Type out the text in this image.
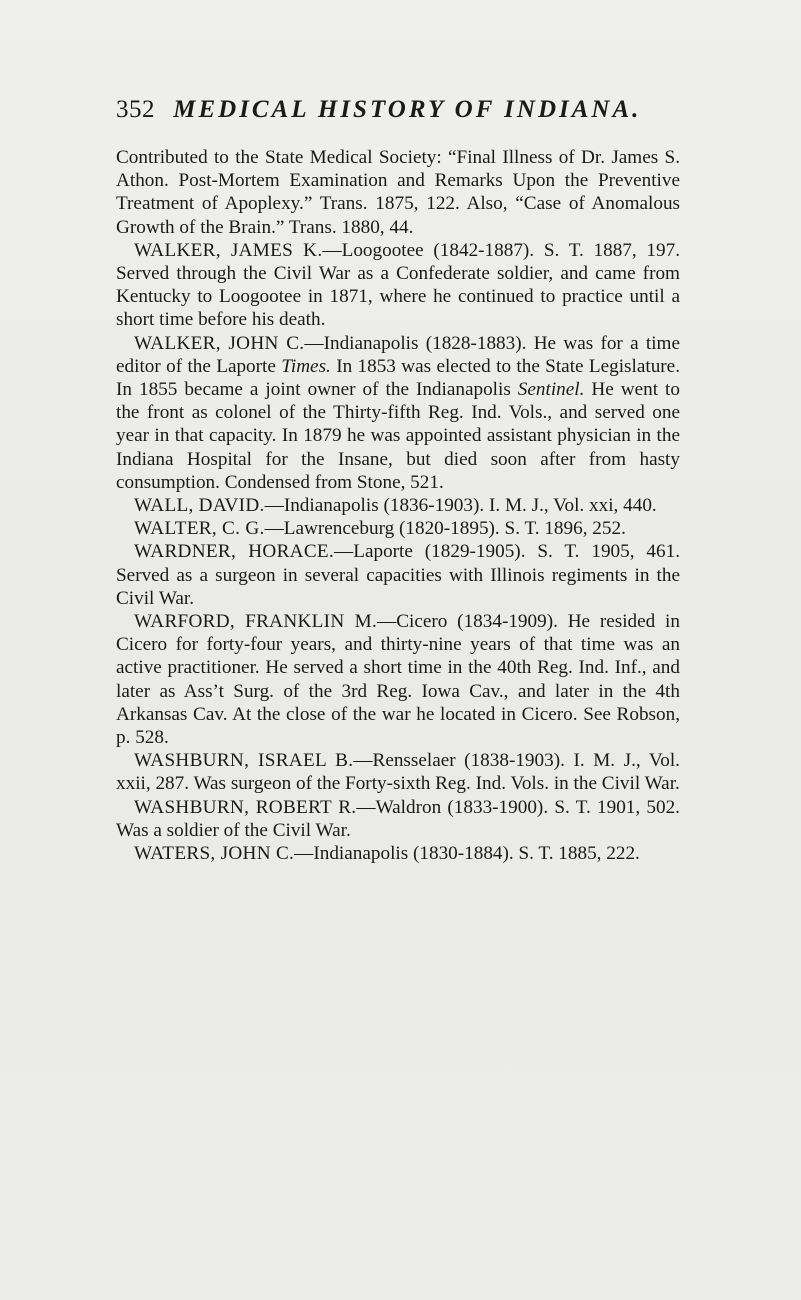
352 MEDICAL HISTORY OF INDIANA.

Contributed to the State Medical Society: “Final Illness of Dr. James S. Athon. Post-Mortem Examination and Remarks Upon the Preventive Treatment of Apoplexy.” Trans. 1875, 122. Also, “Case of Anomalous Growth of the Brain.” Trans. 1880, 44.

WALKER, JAMES K.—Loogootee (1842-1887). S. T. 1887, 197. Served through the Civil War as a Confederate soldier, and came from Kentucky to Loogootee in 1871, where he continued to practice until a short time before his death.

WALKER, JOHN C.—Indianapolis (1828-1883). He was for a time editor of the Laporte Times. In 1853 was elected to the State Legislature. In 1855 became a joint owner of the Indianapolis Sentinel. He went to the front as colonel of the Thirty-fifth Reg. Ind. Vols., and served one year in that capacity. In 1879 he was appointed assistant physician in the Indiana Hospital for the Insane, but died soon after from hasty consumption. Condensed from Stone, 521.

WALL, DAVID.—Indianapolis (1836-1903). I. M. J., Vol. xxi, 440.

WALTER, C. G.—Lawrenceburg (1820-1895). S. T. 1896, 252.

WARDNER, HORACE.—Laporte (1829-1905). S. T. 1905, 461. Served as a surgeon in several capacities with Illinois regiments in the Civil War.

WARFORD, FRANKLIN M.—Cicero (1834-1909). He resided in Cicero for forty-four years, and thirty-nine years of that time was an active practitioner. He served a short time in the 40th Reg. Ind. Inf., and later as Ass’t Surg. of the 3rd Reg. Iowa Cav., and later in the 4th Arkansas Cav. At the close of the war he located in Cicero. See Robson, p. 528.

WASHBURN, ISRAEL B.—Rensselaer (1838-1903). I. M. J., Vol. xxii, 287. Was surgeon of the Forty-sixth Reg. Ind. Vols. in the Civil War.

WASHBURN, ROBERT R.—Waldron (1833-1900). S. T. 1901, 502. Was a soldier of the Civil War.

WATERS, JOHN C.—Indianapolis (1830-1884). S. T. 1885, 222.
